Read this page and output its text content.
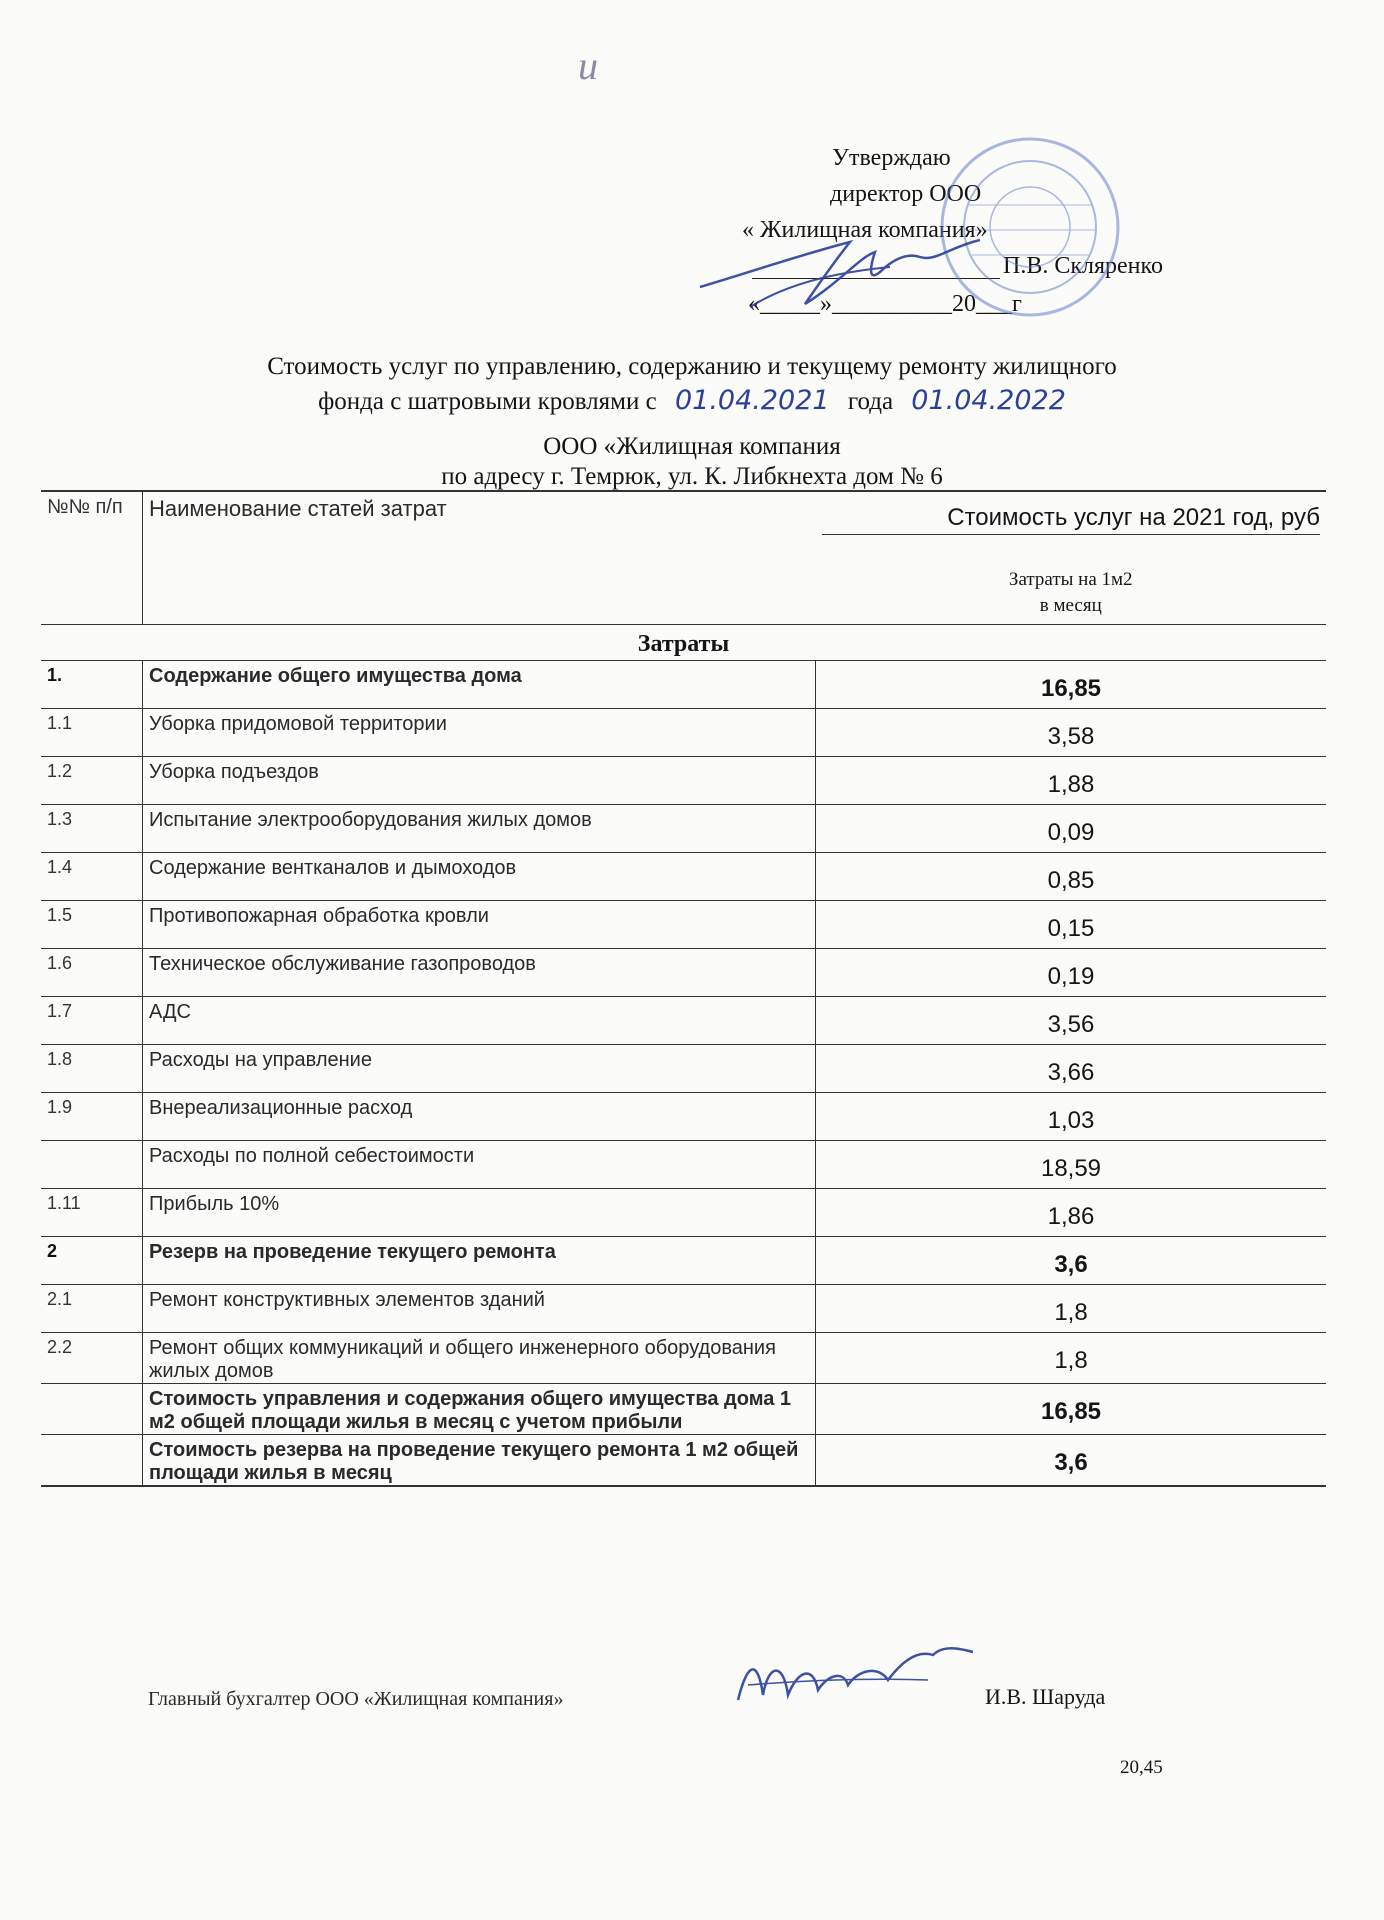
и
Утверждаю
директор ООО
« Жилищная компания»
П.В. Скляренко
«_____»__________20___г
Стоимость услуг по управлению, содержанию и текущему ремонту жилищного
фонда с шатровыми кровлями с 01.04.2021 года 01.04.2022
ООО «Жилищная компания
по адресу г. Темрюк, ул. К. Либкнехта дом № 6
№№ п/п	Наименование статей затрат	Стоимость услуг на 2021 год, руб
Затраты на 1м2
в месяц

Затраты		
1.	Содержание общего имущества дома	16,85
1.1	Уборка придомовой территории	3,58
1.2	Уборка подъездов	1,88
1.3	Испытание электрооборудования жилых домов	0,09
1.4	Содержание вентканалов и дымоходов	0,85
1.5	Противопожарная обработка кровли	0,15
1.6	Техническое обслуживание газопроводов	0,19
1.7	АДС	3,56
1.8	Расходы на управление	3,66
1.9	Внереализационные расход	1,03
	Расходы по полной себестоимости	18,59
1.11	Прибыль 10%	1,86
2	Резерв на проведение текущего ремонта	3,6
2.1	Ремонт конструктивных элементов зданий	1,8
2.2	Ремонт общих коммуникаций и общего инженерного оборудования жилых домов	1,8
	Стоимость управления и содержания общего имущества дома 1 м2 общей площади жилья в месяц с учетом прибыли	16,85
	Стоимость резерва на проведение текущего ремонта 1 м2 общей площади жилья в месяц	3,6
Главный бухгалтер ООО «Жилищная компания»	И.В. Шаруда
20,45
